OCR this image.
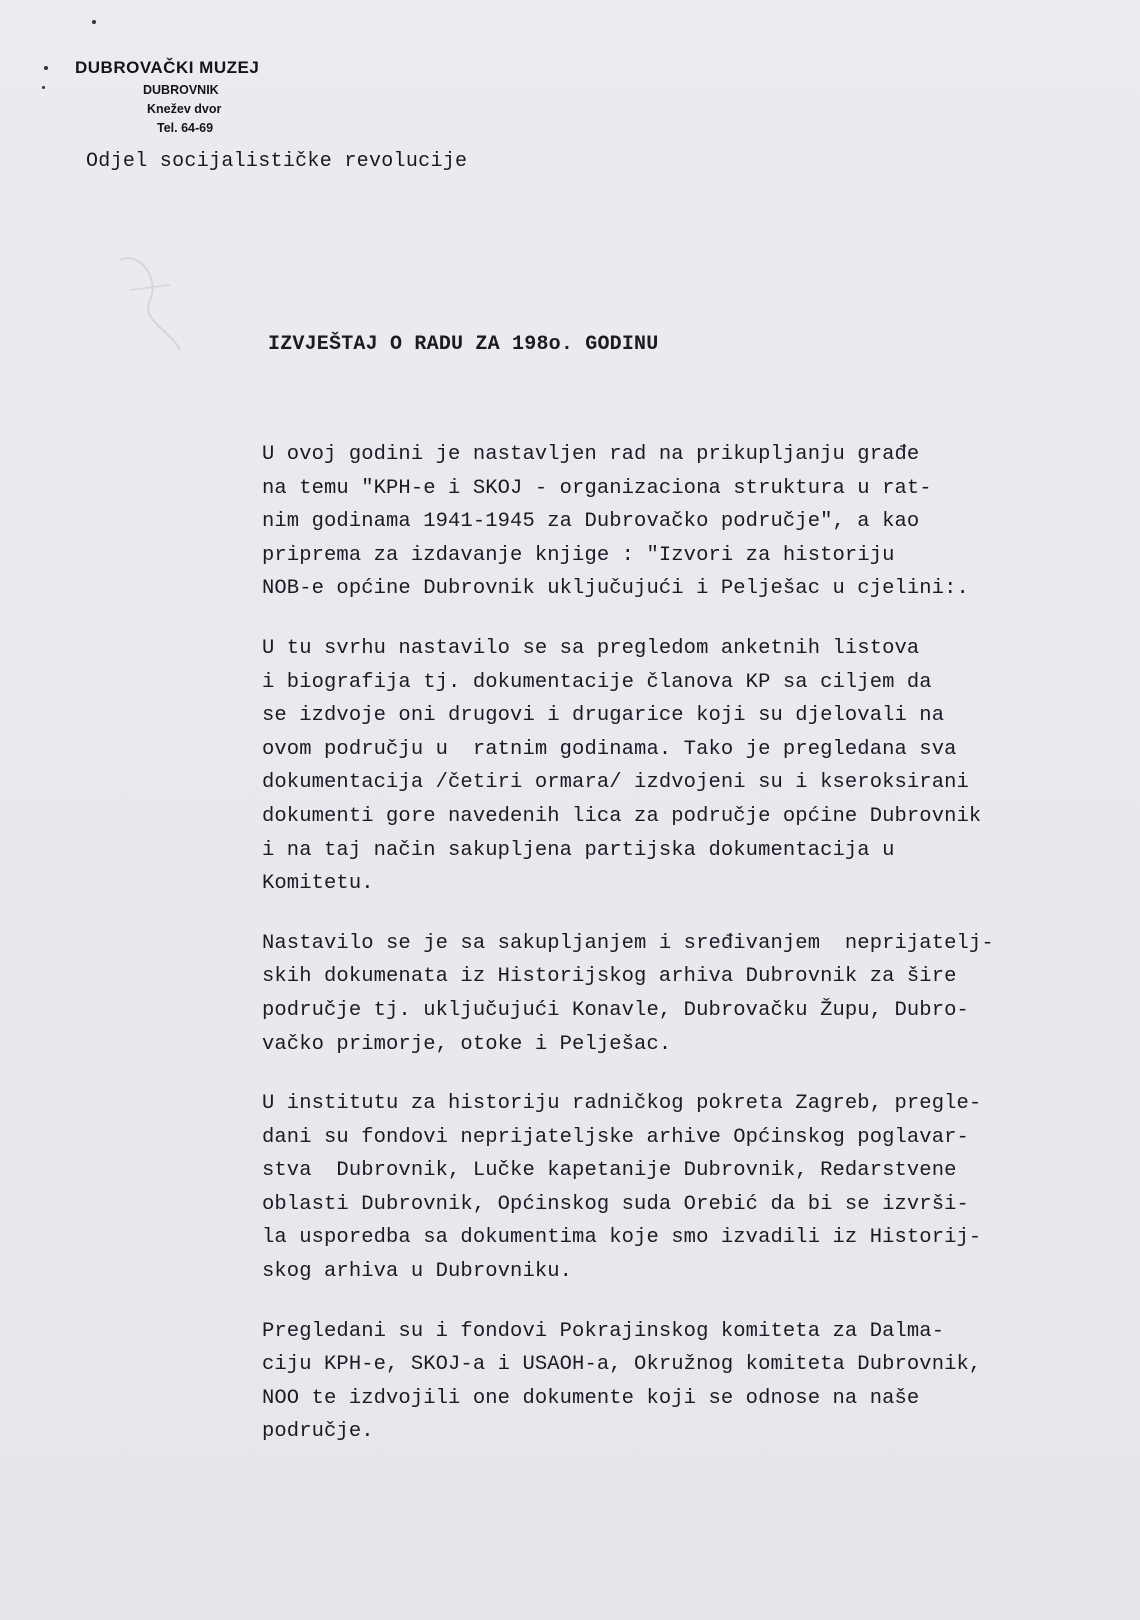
DUBROVAČKI MUZEJ
DUBROVNIK
Knežev dvor
Tel. 64-69
Odjel socijalističke revolucije
IZVJEŠTAJ O RADU ZA 198o. GODINU
U ovoj godini je nastavljen rad na prikupljanju građe
na temu "KPH-e i SKOJ - organizaciona struktura u rat-
nim godinama 1941-1945 za Dubrovačko područje", a kao
priprema za izdavanje knjige : "Izvori za historiju
NOB-e općine Dubrovnik uključujući i Pelješac u cjelini:.
U tu svrhu nastavilo se sa pregledom anketnih listova
i biografija tj. dokumentacije članova KP sa ciljem da
se izdvoje oni drugovi i drugarice koji su djelovali na
ovom području u  ratnim godinama. Tako je pregledana sva
dokumentacija /četiri ormara/ izdvojeni su i kseroksirani
dokumenti gore navedenih lica za područje općine Dubrovnik
i na taj način sakupljena partijska dokumentacija u
Komitetu.
Nastavilo se je sa sakupljanjem i sređivanjem  neprijatelj-
skih dokumenata iz Historijskog arhiva Dubrovnik za šire
područje tj. uključujući Konavle, Dubrovačku Župu, Dubro-
vačko primorje, otoke i Pelješac.
U institutu za historiju radničkog pokreta Zagreb, pregle-
dani su fondovi neprijateljske arhive Općinskog poglavar-
stva  Dubrovnik, Lučke kapetanije Dubrovnik, Redarstvene
oblasti Dubrovnik, Općinskog suda Orebić da bi se izvrši-
la usporedba sa dokumentima koje smo izvadili iz Historij-
skog arhiva u Dubrovniku.
Pregledani su i fondovi Pokrajinskog komiteta za Dalma-
ciju KPH-e, SKOJ-a i USAOH-a, Okružnog komiteta Dubrovnik,
NOO te izdvojili one dokumente koji se odnose na naše
područje.
